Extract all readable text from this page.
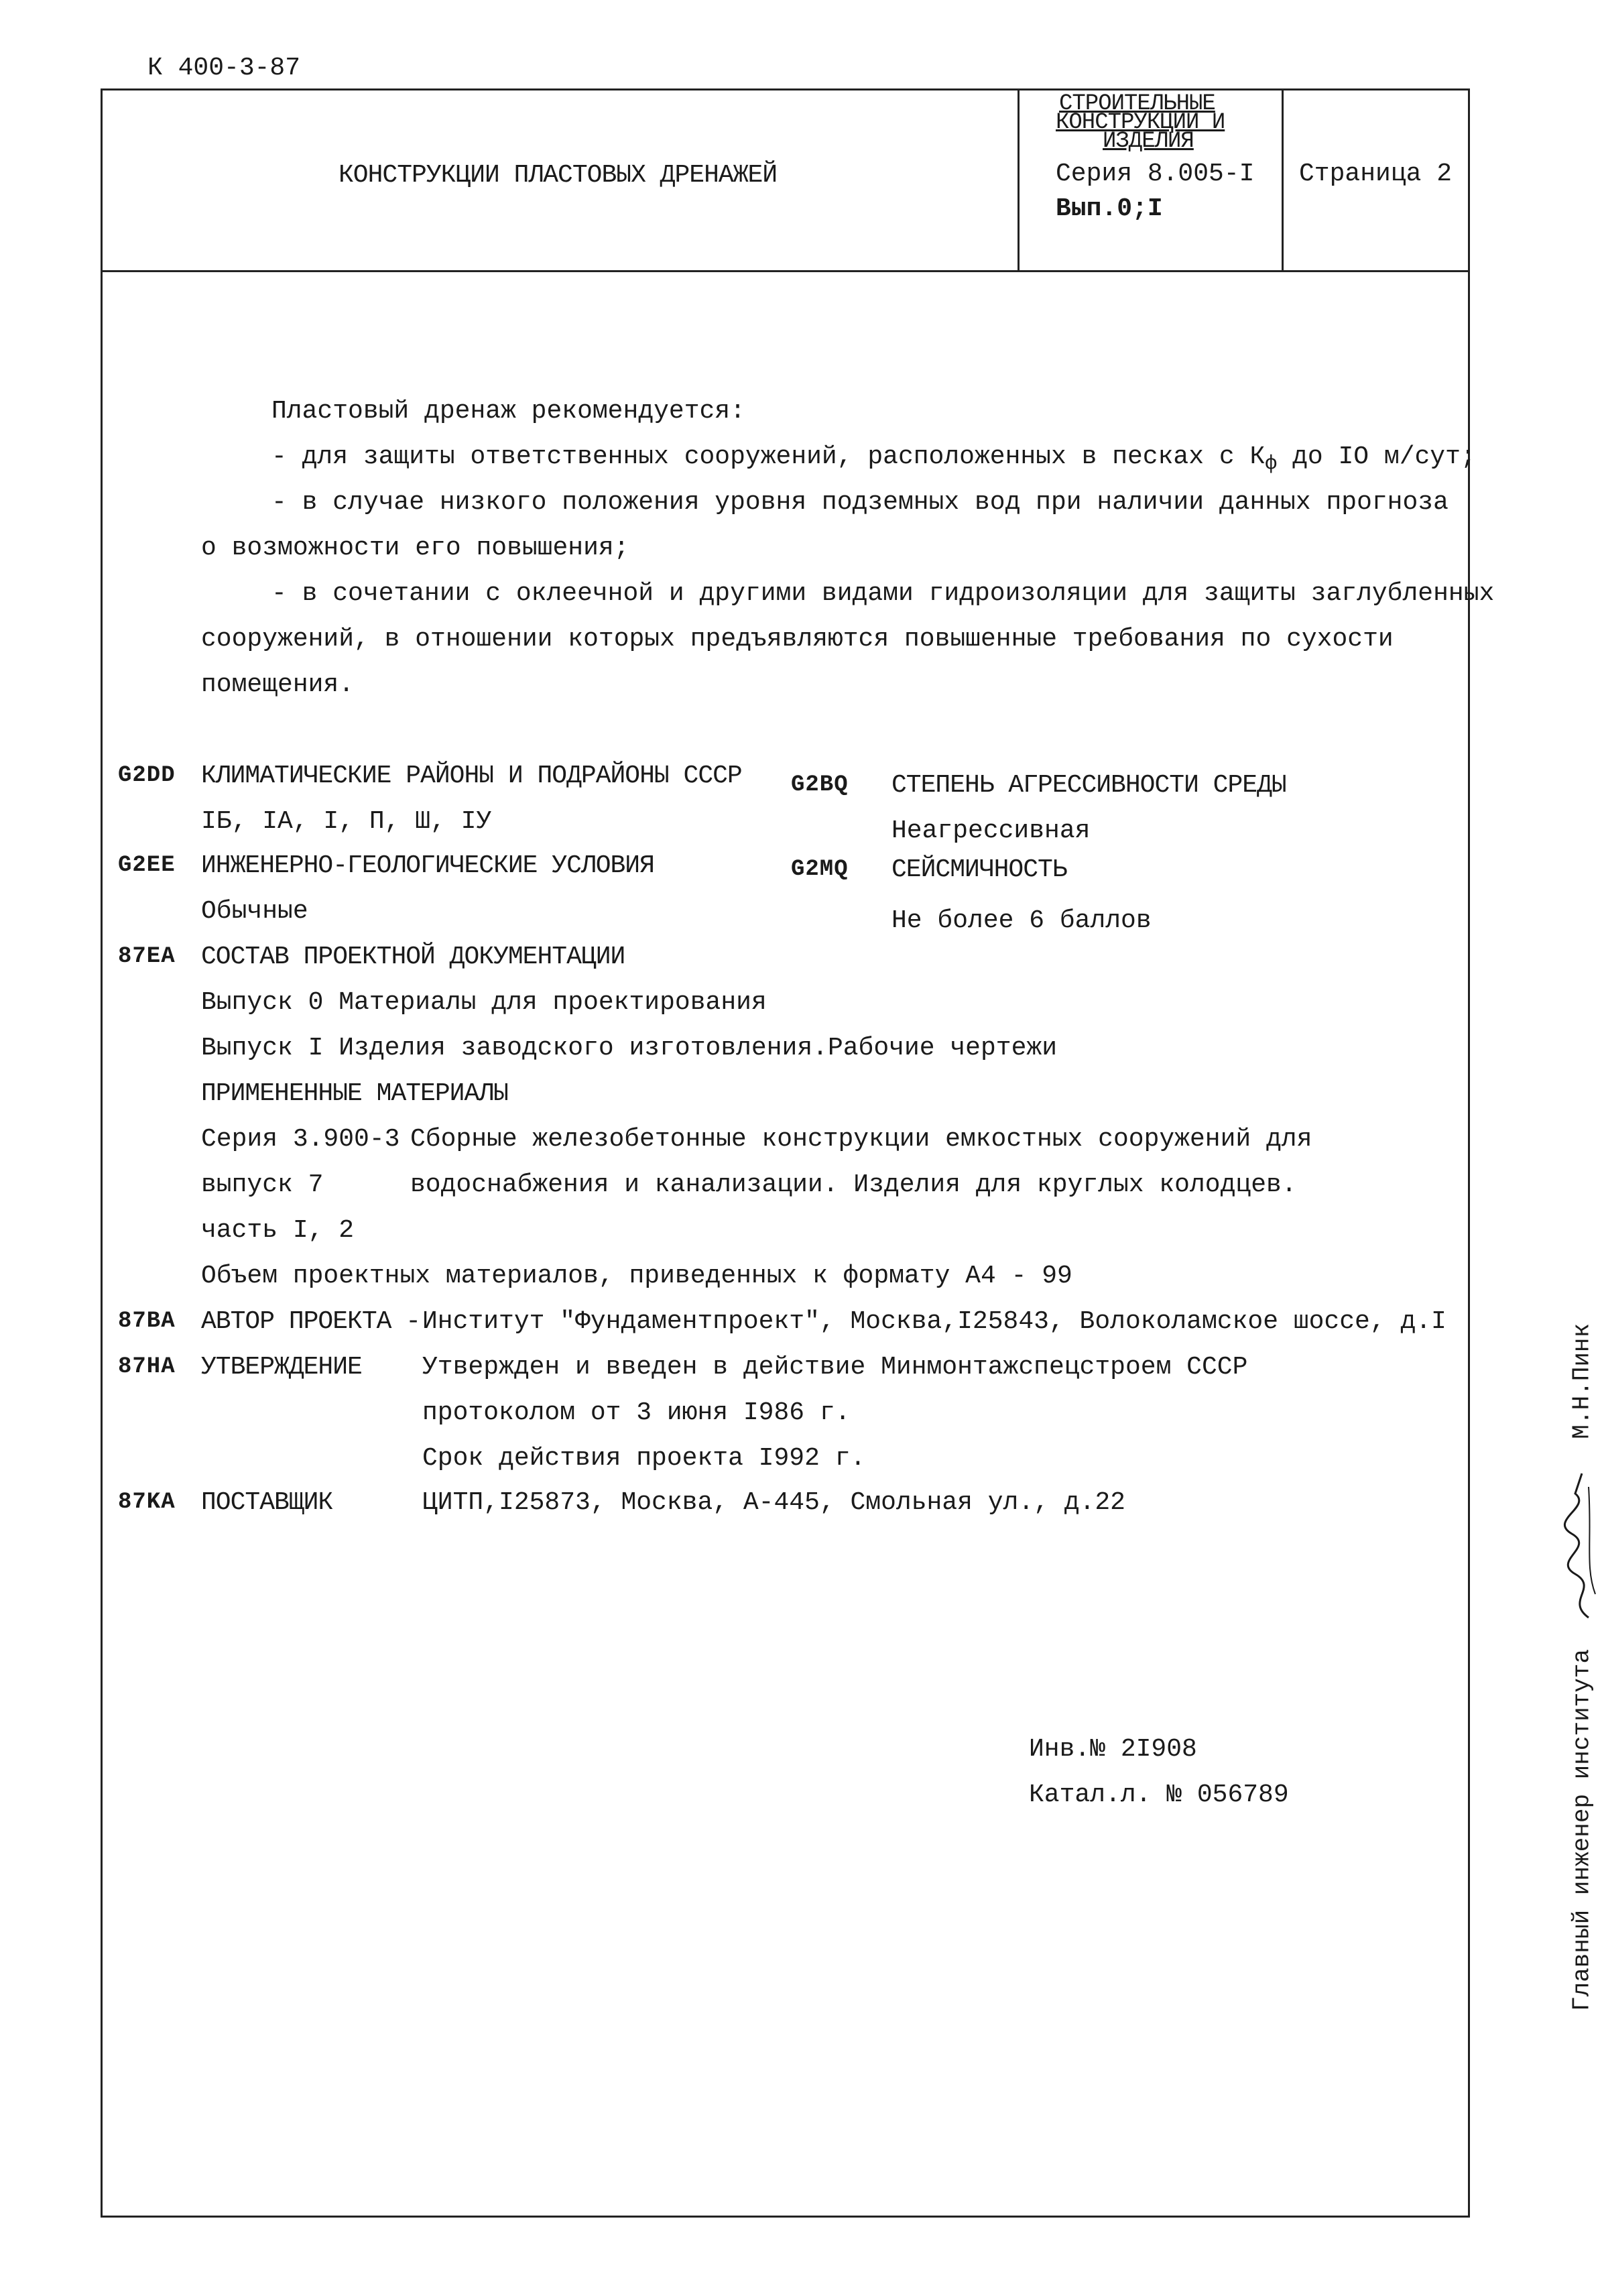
К 400-3-87
КОНСТРУКЦИИ ПЛАСТОВЫХ ДРЕНАЖЕЙ
СТРОИТЕЛЬНЫЕ
КОНСТРУКЦИИ И
ИЗДЕЛИЯ
Серия 8.005-I
Вып.0;I
Страница 2
Пластовый дренаж рекомендуется:
- для защиты ответственных сооружений, расположенных в песках с $К_ф$ до IO м/сут;
- в случае низкого положения уровня подземных вод при наличии данных прогноза
о возможности его повышения;
- в сочетании с оклеечной и другими видами гидроизоляции для защиты заглубленных
сооружений, в отношении которых предъявляются повышенные требования по сухости
помещения.
G2DD КЛИМАТИЧЕСКИЕ РАЙОНЫ И ПОДРАЙОНЫ СССР
IБ, IА, I, П, Ш, IУ
G2BQ СТЕПЕНЬ АГРЕССИВНОСТИ СРЕДЫ
Неагрессивная
G2EE ИНЖЕНЕРНО-ГЕОЛОГИЧЕСКИЕ УСЛОВИЯ
Обычные
G2MQ СЕЙСМИЧНОСТЬ
Не более 6 баллов
87EA СОСТАВ ПРОЕКТНОЙ ДОКУМЕНТАЦИИ
Выпуск 0 Материалы для проектирования
Выпуск I Изделия заводского изготовления.Рабочие чертежи
ПРИМЕНЕННЫЕ МАТЕРИАЛЫ
Серия 3.900-3 Сборные железобетонные конструкции емкостных сооружений для
выпуск 7	водоснабжения и канализации. Изделия для круглых колодцев.
часть I, 2
Объем проектных материалов, приведенных к формату А4 - 99
87BA АВТОР ПРОЕКТА - Институт "Фундаментпроект", Москва,I25843, Волоколамское шоссе, д.I
87HA УТВЕРЖДЕНИЕ Утвержден и введен в действие Минмонтажспецстроем СССР
протоколом от 3 июня I986 г.
Срок действия проекта I992 г.
87KA ПОСТАВЩИК	ЦИТП,I25873, Москва, А-445, Смольная ул., д.22
Инв.№ 2I908
Катал.л. № 056789	Главный инженер института  М.Н.Пинк
